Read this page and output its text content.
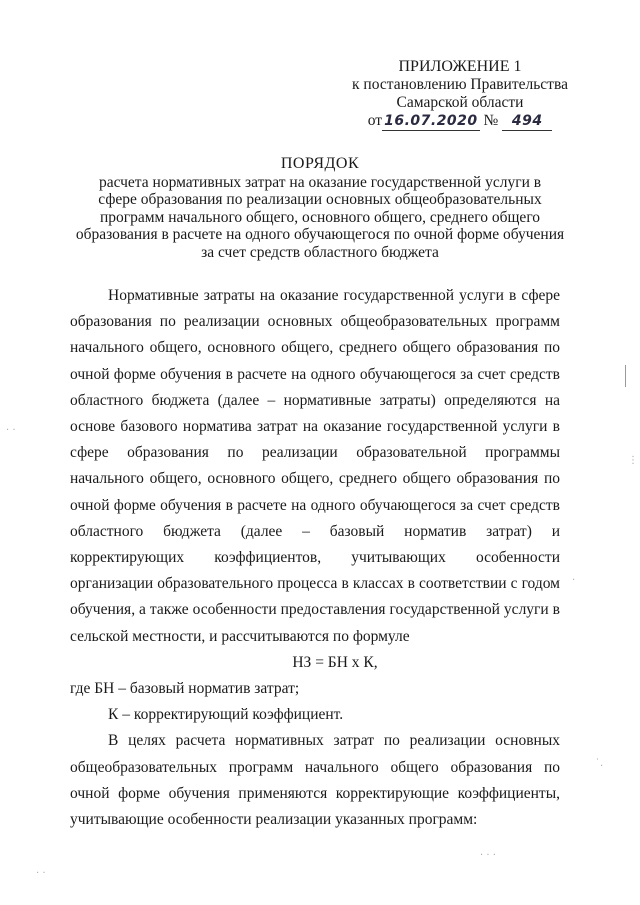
ПРИЛОЖЕНИЕ 1
к постановлению Правительства
Самарской области
от 16.07.2020 № 494
ПОРЯДОК
расчета нормативных затрат на оказание государственной услуги в
сфере образования по реализации основных общеобразовательных
программ начального общего, основного общего, среднего общего
образования в расчете на одного обучающегося по очной форме обучения
за счет средств областного бюджета

Нормативные затраты на оказание государственной услуги в сфере образования по реализации основных общеобразовательных программ начального общего, основного общего, среднего общего образования по очной форме обучения в расчете на одного обучающегося за счет средств областного бюджета (далее – нормативные затраты) определяются на основе базового норматива затрат на оказание государственной услуги в сфере образования по реализации образовательной программы начального общего, основного общего, среднего общего образования по очной форме обучения в расчете на одного обучающегося за счет средств областного бюджета (далее – базовый норматив затрат) и корректирующих коэффициентов, учитывающих особенности организации образовательного процесса в классах в соответствии с годом обучения, а также особенности предоставления государственной услуги в сельской местности, и рассчитываются по формуле

НЗ = БН х К,

где БН – базовый норматив затрат;

К – корректирующий коэффициент.

В целях расчета нормативных затрат по реализации основных общеобразовательных программ начального общего образования по очной форме обучения применяются корректирующие коэффициенты, учитывающие особенности реализации указанных программ:

· ·
⋮
·
˙.
· ·
· · ·
